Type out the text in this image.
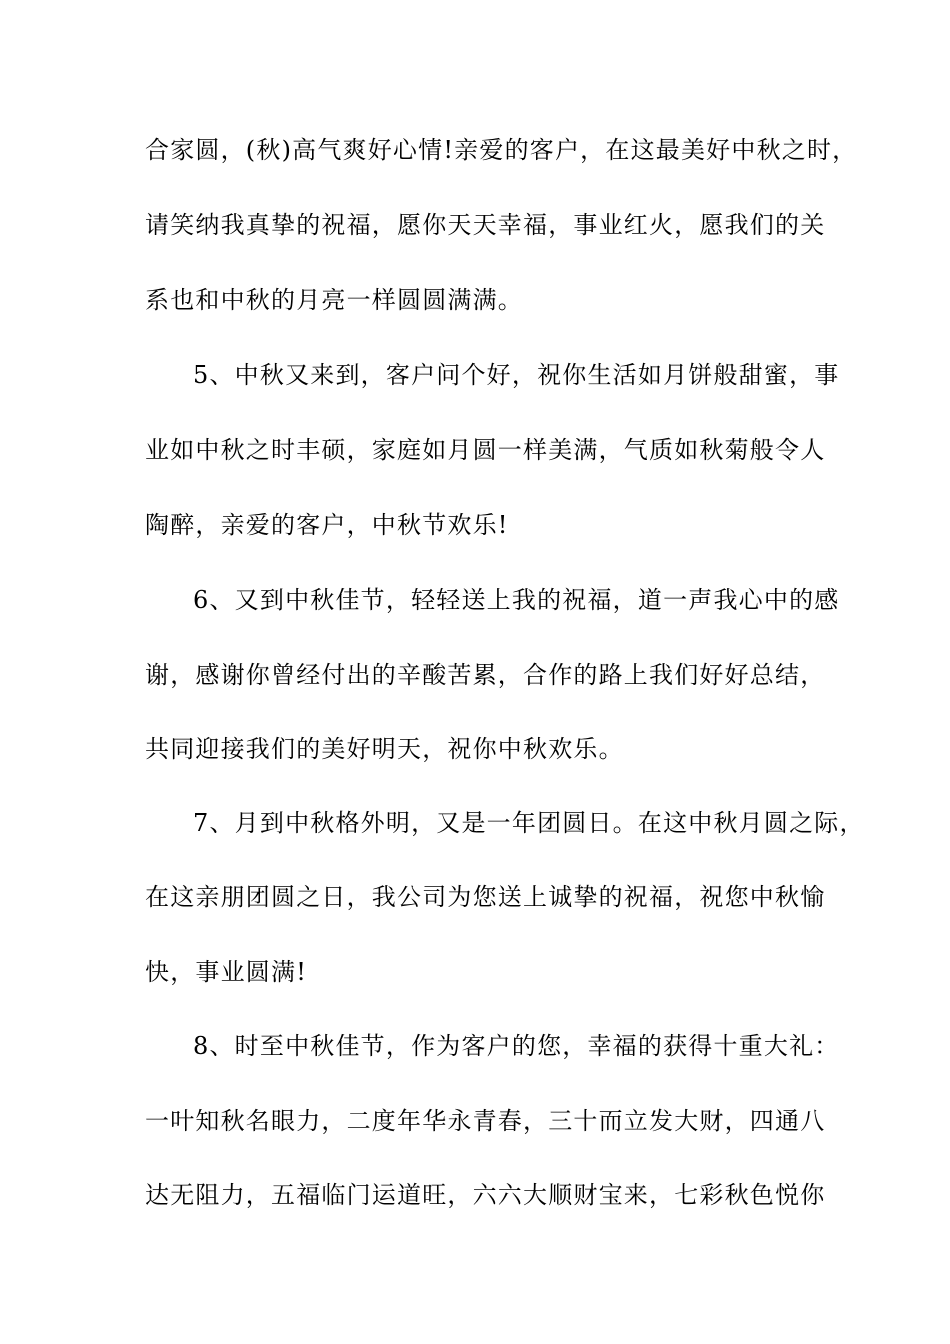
合家圆，(秋)高气爽好心情!亲爱的客户，在这最美好中秋之时，
请笑纳我真挚的祝福，愿你天天幸福，事业红火，愿我们的关
系也和中秋的月亮一样圆圆满满。
5、中秋又来到，客户问个好，祝你生活如月饼般甜蜜，事
业如中秋之时丰硕，家庭如月圆一样美满，气质如秋菊般令人
陶醉，亲爱的客户，中秋节欢乐!
6、又到中秋佳节，轻轻送上我的祝福，道一声我心中的感
谢，感谢你曾经付出的辛酸苦累，合作的路上我们好好总结，
共同迎接我们的美好明天，祝你中秋欢乐。
7、月到中秋格外明，又是一年团圆日。在这中秋月圆之际，
在这亲朋团圆之日，我公司为您送上诚挚的祝福，祝您中秋愉
快，事业圆满!
8、时至中秋佳节，作为客户的您，幸福的获得十重大礼：
一叶知秋名眼力，二度年华永青春，三十而立发大财，四通八
达无阻力，五福临门运道旺，六六大顺财宝来，七彩秋色悦你
